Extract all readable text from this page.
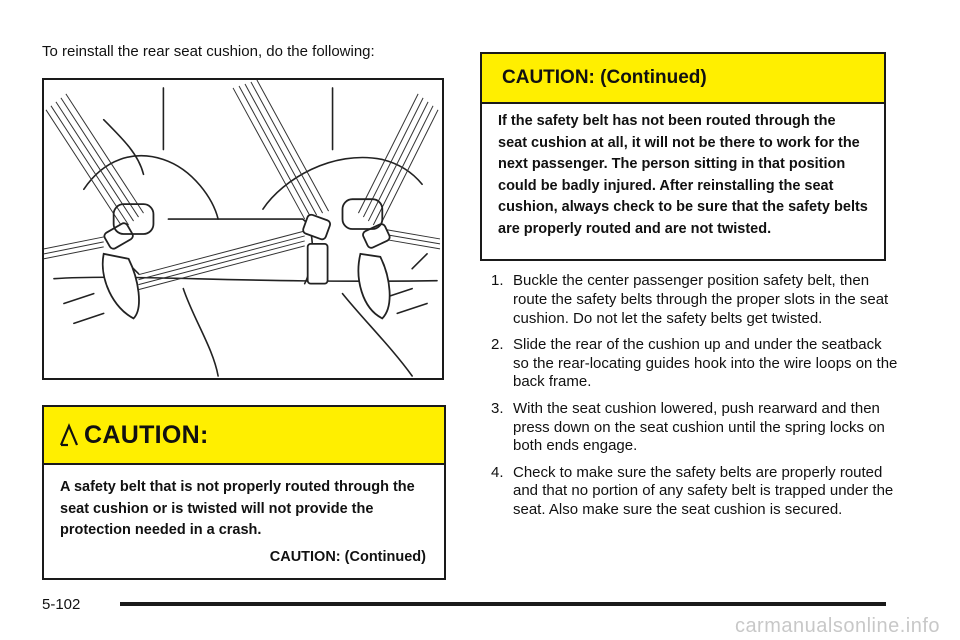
To reinstall the rear seat cushion, do the following:

CAUTION:
A safety belt that is not properly routed through the seat cushion or is twisted will not provide the protection needed in a crash.
CAUTION: (Continued)
CAUTION: (Continued)
If the safety belt has not been routed through the seat cushion at all, it will not be there to work for the next passenger. The person sitting in that position could be badly injured. After reinstalling the seat cushion, always check to be sure that the safety belts are properly routed and are not twisted.
1. Buckle the center passenger position safety belt, then route the safety belts through the proper slots in the seat cushion. Do not let the safety belts get twisted.
2. Slide the rear of the cushion up and under the seatback so the rear-locating guides hook into the wire loops on the back frame.
3. With the seat cushion lowered, push rearward and then press down on the seat cushion until the spring locks on both ends engage.
4. Check to make sure the safety belts are properly routed and that no portion of any safety belt is trapped under the seat. Also make sure the seat cushion is secured.
5-102
carmanualsonline.info
